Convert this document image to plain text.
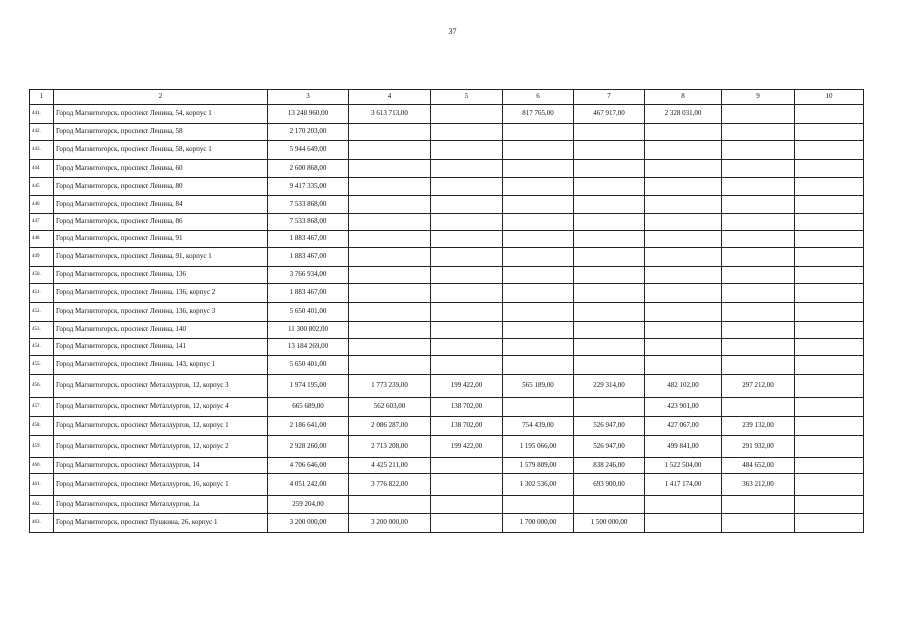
37
1	2	3	4	5	6	7	8	9	10
441.	Город Магнитогорск, проспект Ленина, 54, корпус 1	13 248 960,00	3 613 713,00		817 765,00	467 917,00	2 328 031,00		
442.	Город Магнитогорск, проспект Ленина, 58	2 170 203,00							
443.	Город Магнитогорск, проспект Ленина, 58, корпус 1	5 944 649,00							
444	Город Магнитогорск, проспект Ленина, 60	2 600 868,00							
445	Город Магнитогорск, проспект Ленина, 80	9 417 335,00							
446	Город Магнитогорск, проспект Ленина, 84	7 533 868,00							
447	Город Магнитогорск, проспект Ленина, 86	7 533 868,00							
448	Город Магнитогорск, проспект Ленина, 91	1 883 467,00							
449	Город Магнитогорск, проспект Ленина, 91, корпус 1	1 883 467,00							
450.	Город Магнитогорск, проспект Ленина, 136	3 766 934,00							
451.	Город Магнитогорск, проспект Ленина, 136, корпус 2	1 883 467,00							
452.	Город Магнитогорск, проспект Ленина, 136, корпус 3	5 650 401,00							
453.	Город Магнитогорск, проспект Ленина, 140	11 300 802,00							
454.	Город Магнитогорск, проспект Ленина, 141	13 184 269,00							
455.	Город Магнитогорск, проспект Ленина, 143, корпус 1	5 650 401,00							
456.	Город Магнитогорск, проспект Металлургов, 12, корпус 3	1 974 195,00	1 773 239,00	199 422,00	565 189,00	229 314,00	482 102,00	297 212,00	
457.	Город Магнитогорск, проспект Металлургов, 12, корпус 4	665 689,00	562 603,00	138 702,00			423 901,00		
458.	Город Магнитогорск, проспект Металлургов, 12, корпус 1	2 186 641,00	2 086 287,00	138 702,00	754 439,00	526 947,00	427 067,00	239 132,00	
459.	Город Магнитогорск, проспект Металлургов, 12, корпус 2	2 928 260,00	2 713 208,00	199 422,00	1 195 066,00	526 947,00	499 841,00	291 932,00	
460.	Город Магнитогорск, проспект Металлургов, 14	4 706 646,00	4 425 211,00		1 579 809,00	838 246,00	1 522 504,00	484 652,00	
461.	Город Магнитогорск, проспект Металлургов, 16, корпус 1	4 051 242,00	3 776 822,00		1 302 536,00	693 900,00	1 417 174,00	363 212,00	
462.	Город Магнитогорск, проспект Металлургов, 1а	259 204,00							
463.	Город Магнитогорск, проспект Пушкина, 26, корпус 1	3 200 000,00	3 200 000,00		1 700 000,00	1 500 000,00			
